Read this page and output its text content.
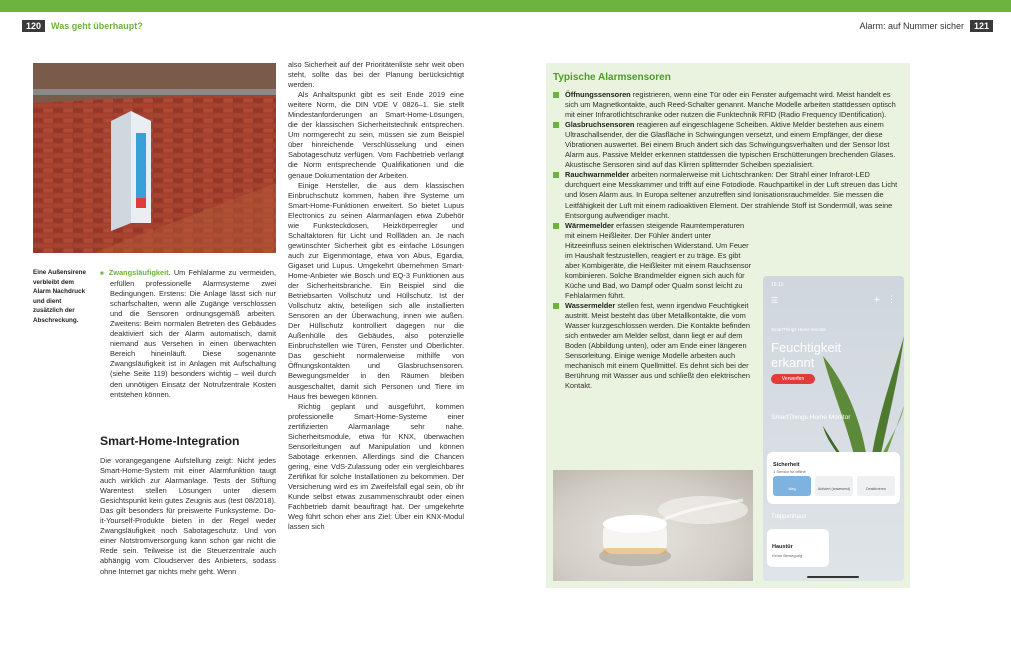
120	Was geht überhaupt?	Alarm: auf Nummer sicher	121
Eine Außensirene verbleibt dem Alarm Nachdruck und dient zusätzlich der Abschreckung.

■ Zwangsläufigkeit. Um Fehlalarme zu vermeiden, erfüllen professionelle Alarmsysteme zwei Bedingungen. Erstens: Die Anlage lässt sich nur scharfschalten, wenn alle Zugänge verschlossen und die Sensoren ordnungsgemäß arbeiten. Zweitens: Beim normalen Betreten des Gebäudes deaktiviert sich der Alarm automatisch, damit niemand aus Versehen in einen überwachten Bereich hineinläuft. Diese sogenannte Zwangsläufigkeit ist in Anlagen mit Aufschaltung (siehe Seite 119) besonders wichtig – weil durch den unnötigen Einsatz der Notrufzentrale Kosten entstehen können.

Smart-Home-Integration

Die vorangegangene Aufstellung zeigt: Nicht jedes Smart-Home-System mit einer Alarmfunktion taugt auch wirklich zur Alarmanlage. Tests der Stiftung Warentest stellen Lösungen unter diesem Gesichtspunkt kein gutes Zeugnis aus (test 08/2018). Das gilt besonders für preiswerte Funksysteme. Do-it-Yourself-Produkte bieten in der Regel weder Zwangsläufigkeit noch Sabotageschutz. Und von einer Notstromversorgung kann schon gar nicht die Rede sein. Teilweise ist die Steuerzentrale auch abhängig vom Cloudserver des Anbieters, sodass ohne Internet gar nichts mehr geht. Wenn

also Sicherheit auf der Prioritätenliste sehr weit oben steht, sollte das bei der Planung berücksichtigt werden.

Als Anhaltspunkt gibt es seit Ende 2019 eine weitere Norm, die DIN VDE V 0826–1. Sie stellt Mindestanforderungen an Smart-Home-Lösungen, die der klassischen Sicherheitstechnik entsprechen. Um normgerecht zu sein, müssen sie zum Beispiel über hinreichende Verschlüsselung und einen Sabotageschutz verfügen. Vom Fachbetrieb verlangt die Norm entsprechende Qualifikationen und die genaue Dokumentation der Arbeiten.

Einige Hersteller, die aus dem klassischen Einbruchschutz kommen, haben ihre Systeme um Smart-Home-Funktionen erweitert. So bietet Lupus Electronics zu seinen Alarmanlagen etwa Zubehör wie Funksteckdosen, Heizkörperregler und Schaltaktoren für Licht und Rollläden an. Je nach gewünschter Sicherheit gibt es einfache Lösungen auch zur Eigenmontage, etwa von Abus, Egardia, Gigaset und Lupus. Umgekehrt übernehmen Smart-Home-Anbieter wie Bosch und EQ-3 Funktionen aus der Sicherheitsbranche. Ein Beispiel sind die Betriebsarten Vollschutz und Hüllschutz. Ist der Vollschutz aktiv, beteiligen sich alle installierten Sensoren an der Überwachung, innen wie außen. Der Hüllschutz kontrolliert dagegen nur die Außenhülle des Gebäudes, also potenzielle Einbruchstellen wie Türen, Fenster und Oberlichter. Das geschieht normalerweise mithilfe von Öffnungskontakten und Glasbruchsensoren. Bewegungsmelder in den Räumen bleiben ausgeschaltet, damit sich Personen und Tiere im Haus frei bewegen können.

Richtig geplant und ausgeführt, kommen professionelle Smart-Home-Systeme einer zertifizierten Alarmanlage sehr nahe. Sicherheitsmodule, etwa für KNX, überwachen Sensorleitungen auf Manipulation und können Sabotage erkennen. Allerdings sind die Chancen gering, eine VdS-Zulassung oder ein vergleichbares Zertifikat für solche Installationen zu bekommen. Der Versicherung wird es im Zweifelsfall egal sein, ob ihr Kunde selbst etwas zusammenschraubt oder einen Fachbetrieb damit beauftragt hat. Der umgekehrte Weg führt schon eher ans Ziel: Über ein KNX-Modul lassen sich

Typische Alarmsensoren
Öffnungssensoren registrieren, wenn eine Tür oder ein Fenster aufgemacht wird. Meist handelt es sich um Magnetkontakte, auch Reed-Schalter genannt. Manche Modelle arbeiten stattdessen optisch mit einer Infrarotlichtschranke oder nutzen die Funktechnik RFID (Radio Frequency IDentification).
Glasbruchsensoren reagieren auf eingeschlagene Scheiben. Aktive Melder bestehen aus einem Ultraschallsender, der die Glasfläche in Schwingungen versetzt, und einem Empfänger, der diese Vibrationen auswertet. Bei einem Bruch ändert sich das Schwingungsverhalten und der Sensor löst Alarm aus. Passive Melder erkennen stattdessen die typischen Erschütterungen brechenden Glases. Akustische Sensoren sind auf das Klirren splitternder Scheiben spezialisiert.
Rauchwarnmelder arbeiten normalerweise mit Lichtschranken: Der Strahl einer Infrarot-LED durchquert eine Messkammer und trifft auf eine Fotodiode. Rauchpartikel in der Luft streuen das Licht und lösen Alarm aus. In Europa seltener anzutreffen sind Ionisationsrauchmelder. Sie messen die Leitfähigkeit der Luft mit einem radioaktiven Element. Der strahlende Stoff ist Sondermüll, was seine Entsorgung aufwendiger macht.
Wärmemelder erfassen steigende Raumtemperaturen mit einem Heißleiter. Der Fühler ändert unter Hitzeeinfluss seinen elektrischen Widerstand. Um Feuer im Haushalt festzustellen, reagiert er zu träge. Es gibt aber Kombigeräte, die Heißleiter mit einem Rauchsensor kombinieren. Solche Brandmelder eignen sich auch für Küche und Bad, wo Dampf oder Qualm sonst leicht zu Fehlalarmen führt.
Wassermelder stellen fest, wenn irgendwo Feuchtigkeit austritt. Meist besteht das über Metallkontakte, die vom Wasser kurzgeschlossen werden. Die Kontakte befinden sich entweder am Melder selbst, dann liegt er auf dem Boden (Abbildung unten), oder am Ende einer längeren Sensorleitung. Einige wenige Modelle arbeiten auch mechanisch mit einem Quellmittel. Es dehnt sich bei der Berührung mit Wasser aus und schließt den elektrischen Kontakt.
16:13
☰	+ ⋮
SmartThings Home Monitor
Feuchtigkeit erkannt
Verwerfen
SmartThings Home Monitor
Sicherheit
1 Sensor ist offline
Weg	Aktiviert (anwesend)	Deaktivieren
Treppenhaus
Haustür
Keine Bewegung
